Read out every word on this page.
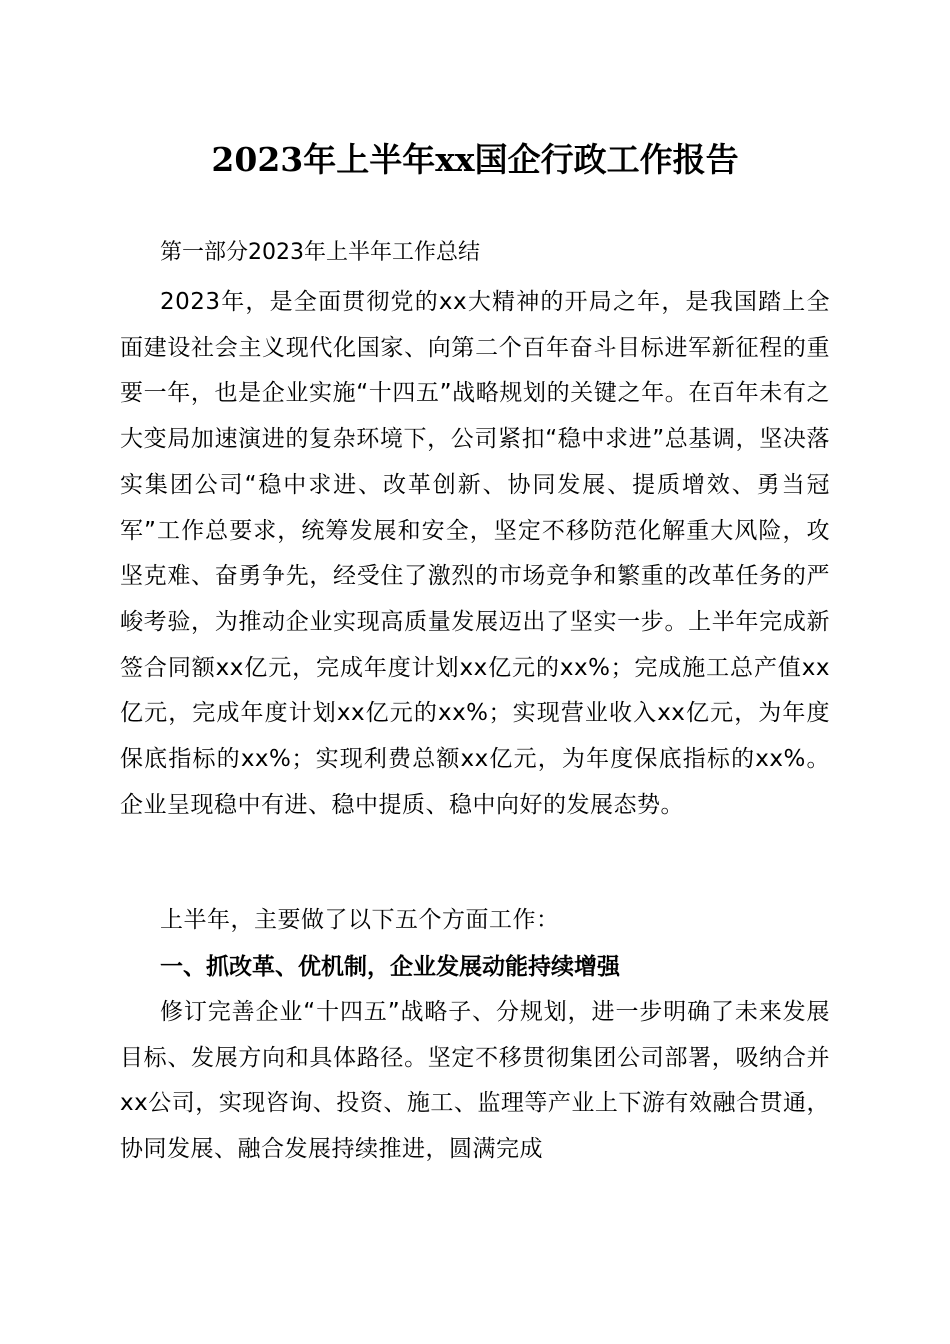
2023年上半年xx国企行政工作报告

第一部分2023年上半年工作总结

2023年，是全面贯彻党的xx大精神的开局之年，是我国踏上全面建设社会主义现代化国家、向第二个百年奋斗目标进军新征程的重要一年，也是企业实施“十四五”战略规划的关键之年。在百年未有之大变局加速演进的复杂环境下，公司紧扣“稳中求进”总基调，坚决落实集团公司“稳中求进、改革创新、协同发展、提质增效、勇当冠军”工作总要求，统筹发展和安全，坚定不移防范化解重大风险，攻坚克难、奋勇争先，经受住了激烈的市场竞争和繁重的改革任务的严峻考验，为推动企业实现高质量发展迈出了坚实一步。上半年完成新签合同额xx亿元，完成年度计划xx亿元的xx%；完成施工总产值xx亿元，完成年度计划xx亿元的xx%；实现营业收入xx亿元，为年度保底指标的xx%；实现利费总额xx亿元，为年度保底指标的xx%。企业呈现稳中有进、稳中提质、稳中向好的发展态势。

上半年，主要做了以下五个方面工作：

一、抓改革、优机制，企业发展动能持续增强

修订完善企业“十四五”战略子、分规划，进一步明确了未来发展目标、发展方向和具体路径。坚定不移贯彻集团公司部署，吸纳合并xx公司，实现咨询、投资、施工、监理等产业上下游有效融合贯通，协同发展、融合发展持续推进，圆满完成
